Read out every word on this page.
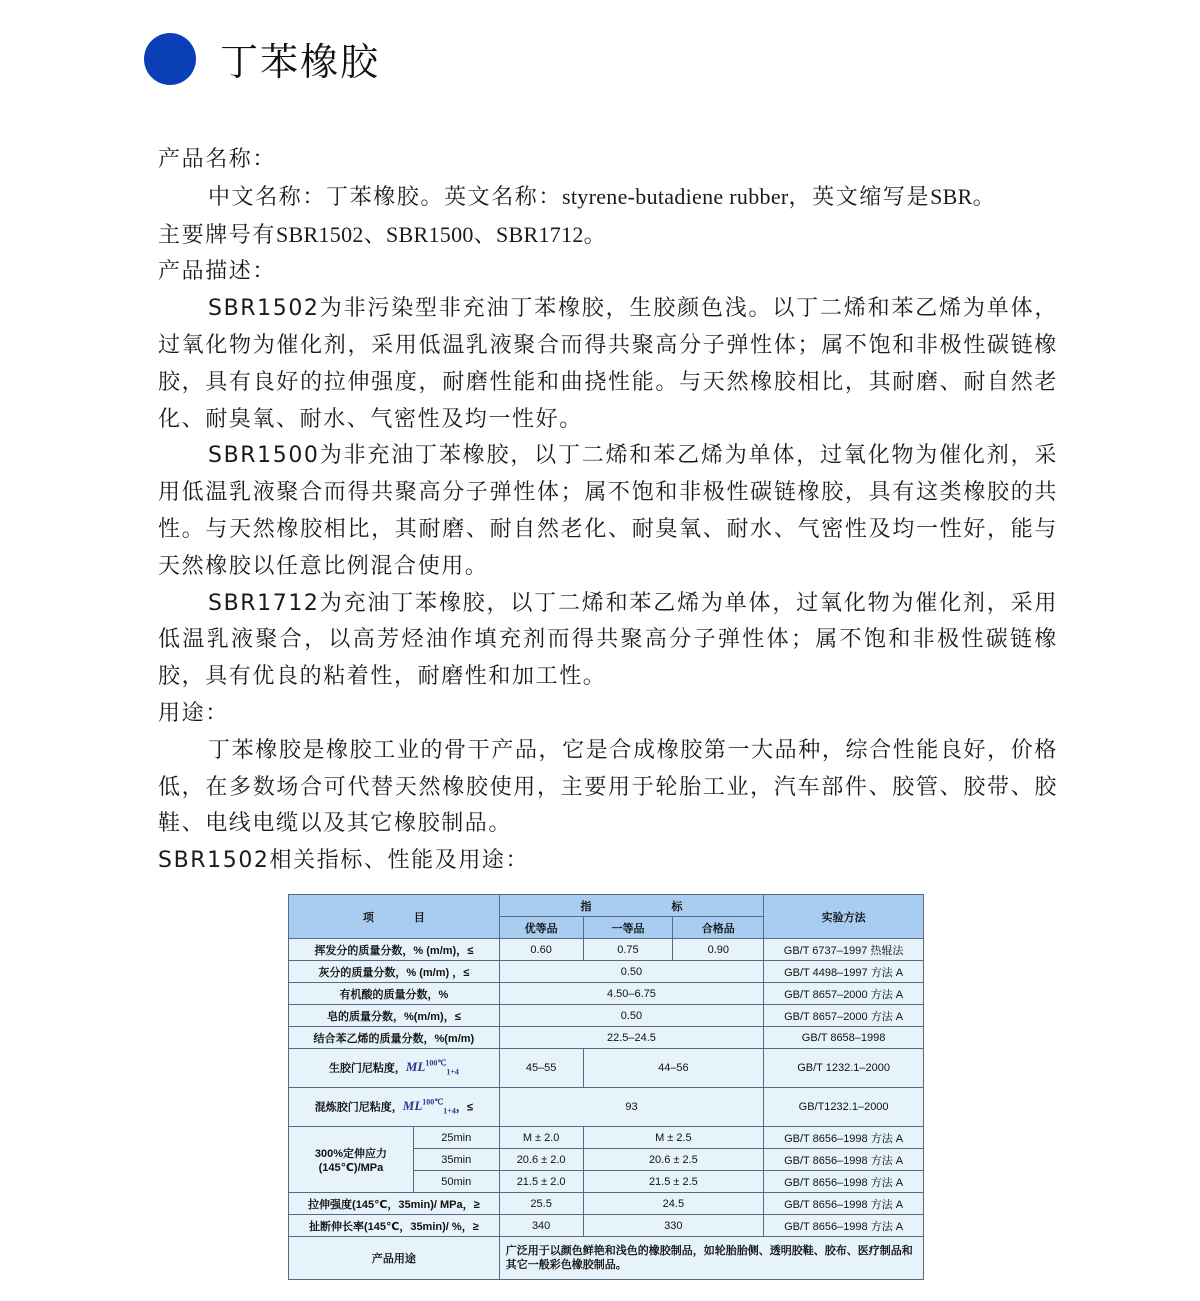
丁苯橡胶

产品名称：

中文名称：丁苯橡胶。英文名称：styrene-butadiene rubber，英文缩写是SBR。

主要牌号有SBR1502、SBR1500、SBR1712。

产品描述：

SBR1502为非污染型非充油丁苯橡胶，生胶颜色浅。以丁二烯和苯乙烯为单体，过氧化物为催化剂，采用低温乳液聚合而得共聚高分子弹性体；属不饱和非极性碳链橡胶，具有良好的拉伸强度，耐磨性能和曲挠性能。与天然橡胶相比，其耐磨、耐自然老化、耐臭氧、耐水、气密性及均一性好。

SBR1500为非充油丁苯橡胶，以丁二烯和苯乙烯为单体，过氧化物为催化剂，采用低温乳液聚合而得共聚高分子弹性体；属不饱和非极性碳链橡胶，具有这类橡胶的共性。与天然橡胶相比，其耐磨、耐自然老化、耐臭氧、耐水、气密性及均一性好，能与天然橡胶以任意比例混合使用。

SBR1712为充油丁苯橡胶，以丁二烯和苯乙烯为单体，过氧化物为催化剂，采用低温乳液聚合，以高芳烃油作填充剂而得共聚高分子弹性体；属不饱和非极性碳链橡胶，具有优良的粘着性，耐磨性和加工性。

用途：

丁苯橡胶是橡胶工业的骨干产品，它是合成橡胶第一大品种，综合性能良好，价格低，在多数场合可代替天然橡胶使用，主要用于轮胎工业，汽车部件、胶管、胶带、胶鞋、电线电缆以及其它橡胶制品。

SBR1502相关指标、性能及用途：

项 目		指 标			实验方法
		优等品	一等品	合格品	
挥发分的质量分数，% (m/m)，≤		0.60	0.75	0.90	GB/T 6737–1997 热辊法
灰分的质量分数，% (m/m) ，≤		0.50			GB/T 4498–1997 方法 A
有机酸的质量分数，%		4.50–6.75			GB/T 8657–2000 方法 A
皂的质量分数，%(m/m)，≤		0.50			GB/T 8657–2000 方法 A
结合苯乙烯的质量分数，%(m/m)		22.5–24.5			GB/T 8658–1998
生胶门尼粘度，$ML^{100℃}_{1+4}$		45–55	44–56		GB/T 1232.1–2000
混炼胶门尼粘度，$ML^{100℃}_{1+4}$，≤		93			GB/T1232.1–2000
300%定伸应力 (145℃)/MPa	25min	M ± 2.0	M ± 2.5		GB/T 8656–1998 方法 A
	35min	20.6 ± 2.0	20.6 ± 2.5		GB/T 8656–1998 方法 A
	50min	21.5 ± 2.0	21.5 ± 2.5		GB/T 8656–1998 方法 A
拉伸强度(145℃，35min)/ MPa，≥		25.5	24.5		GB/T 8656–1998 方法 A
扯断伸长率(145℃，35min)/ %，≥		340	330		GB/T 8656–1998 方法 A
产品用途		广泛用于以颜色鲜艳和浅色的橡胶制品，如轮胎胎侧、透明胶鞋、胶布、医疗制品和其它一般彩色橡胶制品。			
